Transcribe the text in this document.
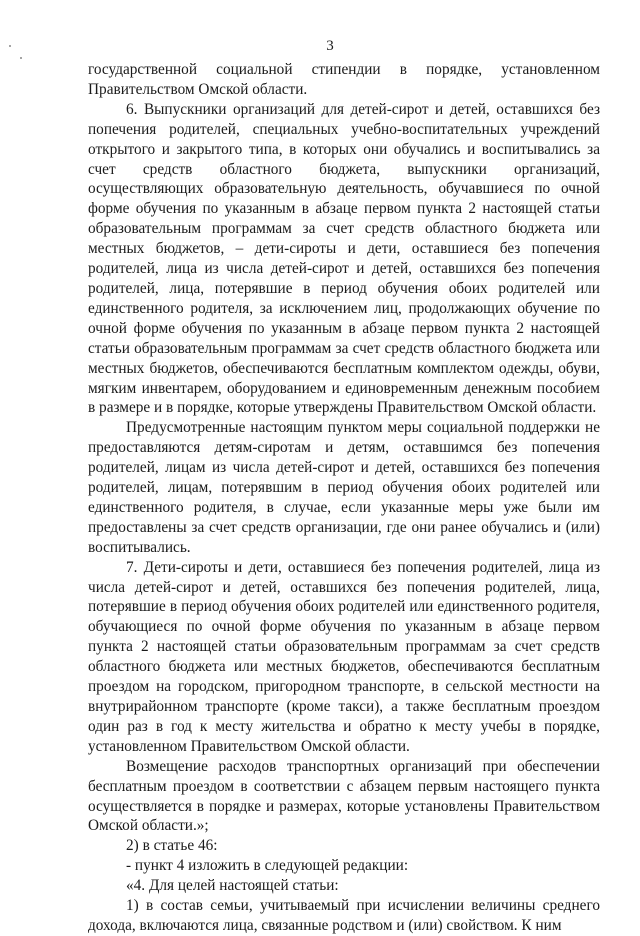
3

государственной социальной стипендии в порядке, установленном Правительством Омской области.

6. Выпускники организаций для детей-сирот и детей, оставшихся без попечения родителей, специальных учебно-воспитательных учреждений открытого и закрытого типа, в которых они обучались и воспитывались за счет средств областного бюджета, выпускники организаций, осуществляющих образовательную деятельность, обучавшиеся по очной форме обучения по указанным в абзаце первом пункта 2 настоящей статьи образовательным программам за счет средств областного бюджета или местных бюджетов, – дети-сироты и дети, оставшиеся без попечения родителей, лица из числа детей-сирот и детей, оставшихся без попечения родителей, лица, потерявшие в период обучения обоих родителей или единственного родителя, за исключением лиц, продолжающих обучение по очной форме обучения по указанным в абзаце первом пункта 2 настоящей статьи образовательным программам за счет средств областного бюджета или местных бюджетов, обеспечиваются бесплатным комплектом одежды, обуви, мягким инвентарем, оборудованием и единовременным денежным пособием в размере и в порядке, которые утверждены Правительством Омской области.

Предусмотренные настоящим пунктом меры социальной поддержки не предоставляются детям-сиротам и детям, оставшимся без попечения родителей, лицам из числа детей-сирот и детей, оставшихся без попечения родителей, лицам, потерявшим в период обучения обоих родителей или единственного родителя, в случае, если указанные меры уже были им предоставлены за счет средств организации, где они ранее обучались и (или) воспитывались.

7. Дети-сироты и дети, оставшиеся без попечения родителей, лица из числа детей-сирот и детей, оставшихся без попечения родителей, лица, потерявшие в период обучения обоих родителей или единственного родителя, обучающиеся по очной форме обучения по указанным в абзаце первом пункта 2 настоящей статьи образовательным программам за счет средств областного бюджета или местных бюджетов, обеспечиваются бесплатным проездом на городском, пригородном транспорте, в сельской местности на внутрирайонном транспорте (кроме такси), а также бесплатным проездом один раз в год к месту жительства и обратно к месту учебы в порядке, установленном Правительством Омской области.

Возмещение расходов транспортных организаций при обеспечении бесплатным проездом в соответствии с абзацем первым настоящего пункта осуществляется в порядке и размерах, которые установлены Правительством Омской области.»;

2) в статье 46:

- пункт 4 изложить в следующей редакции:

«4. Для целей настоящей статьи:

1) в состав семьи, учитываемый при исчислении величины среднего дохода, включаются лица, связанные родством и (или) свойством. К ним
